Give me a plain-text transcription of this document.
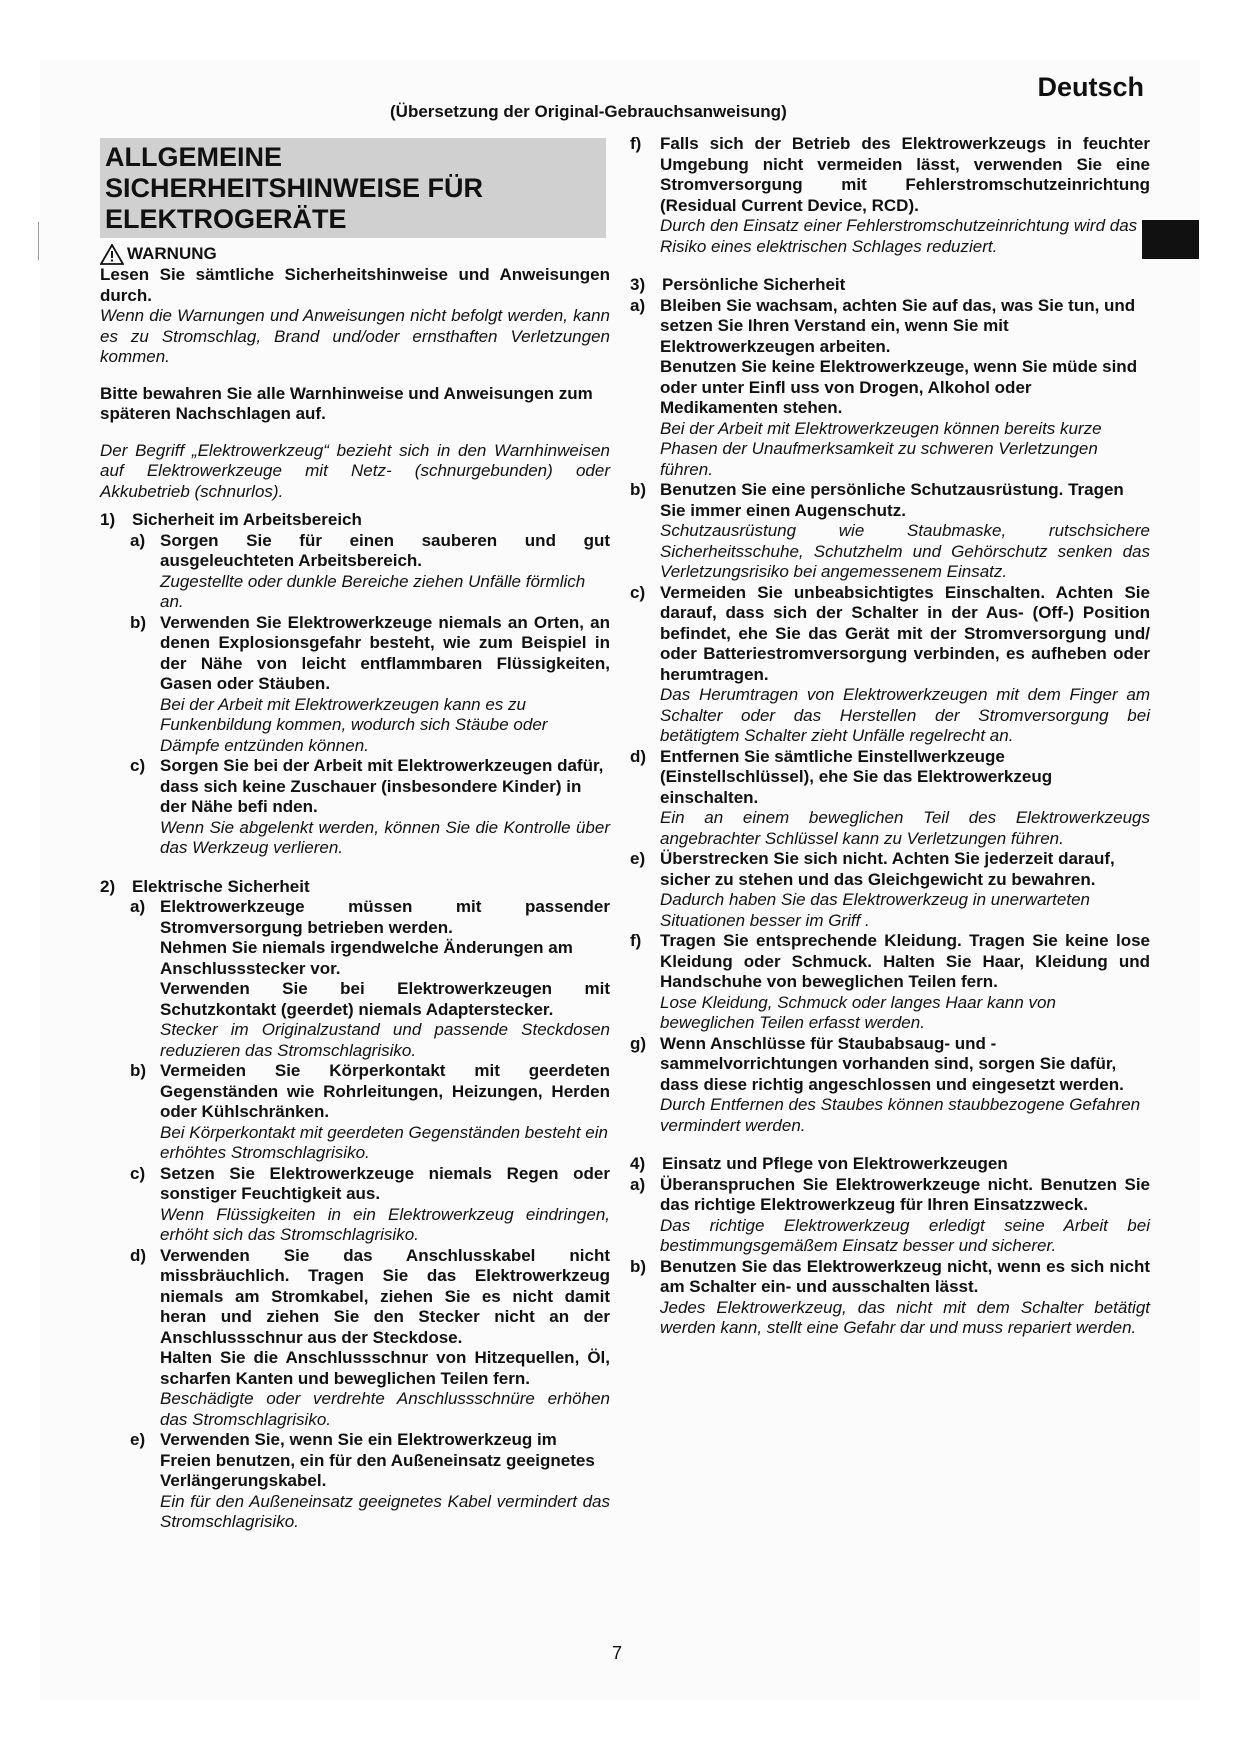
Deutsch
(Übersetzung der Original-Gebrauchsanweisung)
ALLGEMEINE
SICHERHEITSHINWEISE FÜR
ELEKTROGERÄTE
WARNUNG

Lesen Sie sämtliche Sicherheitshinweise und Anweisungen durch.

Wenn die Warnungen und Anweisungen nicht befolgt werden, kann es zu Stromschlag, Brand und/oder ernsthaften Verletzungen kommen.

Bitte bewahren Sie alle Warnhinweise und Anweisungen zum späteren Nachschlagen auf.

Der Begriff „Elektrowerkzeug“ bezieht sich in den Warnhinweisen auf Elektrowerkzeuge mit Netz- (schnurgebunden) oder Akkubetrieb (schnurlos).

1) Sicherheit im Arbeitsbereich
a) Sorgen Sie für einen sauberen und gut ausgeleuchteten Arbeitsbereich.

Zugestellte oder dunkle Bereiche ziehen Unfälle förmlich an.

b) Verwenden Sie Elektrowerkzeuge niemals an Orten, an denen Explosionsgefahr besteht, wie zum Beispiel in der Nähe von leicht entflammbaren Flüssigkeiten, Gasen oder Stäuben.

Bei der Arbeit mit Elektrowerkzeugen kann es zu Funkenbildung kommen, wodurch sich Stäube oder Dämpfe entzünden können.

c) Sorgen Sie bei der Arbeit mit Elektrowerkzeugen dafür, dass sich keine Zuschauer (insbesondere Kinder) in der Nähe befi nden.

Wenn Sie abgelenkt werden, können Sie die Kontrolle über das Werkzeug verlieren.

2) Elektrische Sicherheit
a) Elektrowerkzeuge müssen mit passender Stromversorgung betrieben werden.

Nehmen Sie niemals irgendwelche Änderungen am Anschlussstecker vor.

Verwenden Sie bei Elektrowerkzeugen mit Schutzkontakt (geerdet) niemals Adapterstecker.

Stecker im Originalzustand und passende Steckdosen reduzieren das Stromschlagrisiko.

b) Vermeiden Sie Körperkontakt mit geerdeten Gegenständen wie Rohrleitungen, Heizungen, Herden oder Kühlschränken.

Bei Körperkontakt mit geerdeten Gegenständen besteht ein erhöhtes Stromschlagrisiko.

c) Setzen Sie Elektrowerkzeuge niemals Regen oder sonstiger Feuchtigkeit aus.

Wenn Flüssigkeiten in ein Elektrowerkzeug eindringen, erhöht sich das Stromschlagrisiko.

d) Verwenden Sie das Anschlusskabel nicht missbräuchlich. Tragen Sie das Elektrowerkzeug niemals am Stromkabel, ziehen Sie es nicht damit heran und ziehen Sie den Stecker nicht an der Anschlussschnur aus der Steckdose.

Halten Sie die Anschlussschnur von Hitzequellen, Öl, scharfen Kanten und beweglichen Teilen fern.

Beschädigte oder verdrehte Anschlussschnüre erhöhen das Stromschlagrisiko.

e) Verwenden Sie, wenn Sie ein Elektrowerkzeug im Freien benutzen, ein für den Außeneinsatz geeignetes Verlängerungskabel.

Ein für den Außeneinsatz geeignetes Kabel vermindert das Stromschlagrisiko.

f)	Falls sich der Betrieb des Elektrowerkzeugs in feuchter Umgebung nicht vermeiden lässt, verwenden Sie eine Stromversorgung mit Fehlerstromschutzeinrichtung (Residual Current Device, RCD).

Durch den Einsatz einer Fehlerstromschutzeinrichtung wird das Risiko eines elektrischen Schlages reduziert.

3) Persönliche Sicherheit
a) Bleiben Sie wachsam, achten Sie auf das, was Sie tun, und setzen Sie Ihren Verstand ein, wenn Sie mit Elektrowerkzeugen arbeiten.

Benutzen Sie keine Elektrowerkzeuge, wenn Sie müde sind oder unter Einfl uss von Drogen, Alkohol oder Medikamenten stehen.

Bei der Arbeit mit Elektrowerkzeugen können bereits kurze Phasen der Unaufmerksamkeit zu schweren Verletzungen führen.

b) Benutzen Sie eine persönliche Schutzausrüstung. Tragen Sie immer einen Augenschutz.

Schutzausrüstung wie Staubmaske, rutschsichere Sicherheitsschuhe, Schutzhelm und Gehörschutz senken das Verletzungsrisiko bei angemessenem Einsatz.

c) Vermeiden Sie unbeabsichtigtes Einschalten. Achten Sie darauf, dass sich der Schalter in der Aus- (Off-) Position befindet, ehe Sie das Gerät mit der Stromversorgung und/ oder Batteriestromversorgung verbinden, es aufheben oder herumtragen.

Das Herumtragen von Elektrowerkzeugen mit dem Finger am Schalter oder das Herstellen der Stromversorgung bei betätigtem Schalter zieht Unfälle regelrecht an.

d) Entfernen Sie sämtliche Einstellwerkzeuge (Einstellschlüssel), ehe Sie das Elektrowerkzeug einschalten.

Ein an einem beweglichen Teil des Elektrowerkzeugs angebrachter Schlüssel kann zu Verletzungen führen.

e) Überstrecken Sie sich nicht. Achten Sie jederzeit darauf, sicher zu stehen und das Gleichgewicht zu bewahren.

Dadurch haben Sie das Elektrowerkzeug in unerwarteten Situationen besser im Griff .

f)	Tragen Sie entsprechende Kleidung. Tragen Sie keine lose Kleidung oder Schmuck. Halten Sie Haar, Kleidung und Handschuhe von beweglichen Teilen fern.

Lose Kleidung, Schmuck oder langes Haar kann von beweglichen Teilen erfasst werden.

g) Wenn Anschlüsse für Staubabsaug- und -sammelvorrichtungen vorhanden sind, sorgen Sie dafür, dass diese richtig angeschlossen und eingesetzt werden.

Durch Entfernen des Staubes können staubbezogene Gefahren vermindert werden.

4) Einsatz und Pflege von Elektrowerkzeugen
a) Überanspruchen Sie Elektrowerkzeuge nicht. Benutzen Sie das richtige Elektrowerkzeug für Ihren Einsatzzweck.

Das richtige Elektrowerkzeug erledigt seine Arbeit bei bestimmungsgemäßem Einsatz besser und sicherer.

b) Benutzen Sie das Elektrowerkzeug nicht, wenn es sich nicht am Schalter ein- und ausschalten lässt.

Jedes Elektrowerkzeug, das nicht mit dem Schalter betätigt werden kann, stellt eine Gefahr dar und muss repariert werden.

7
